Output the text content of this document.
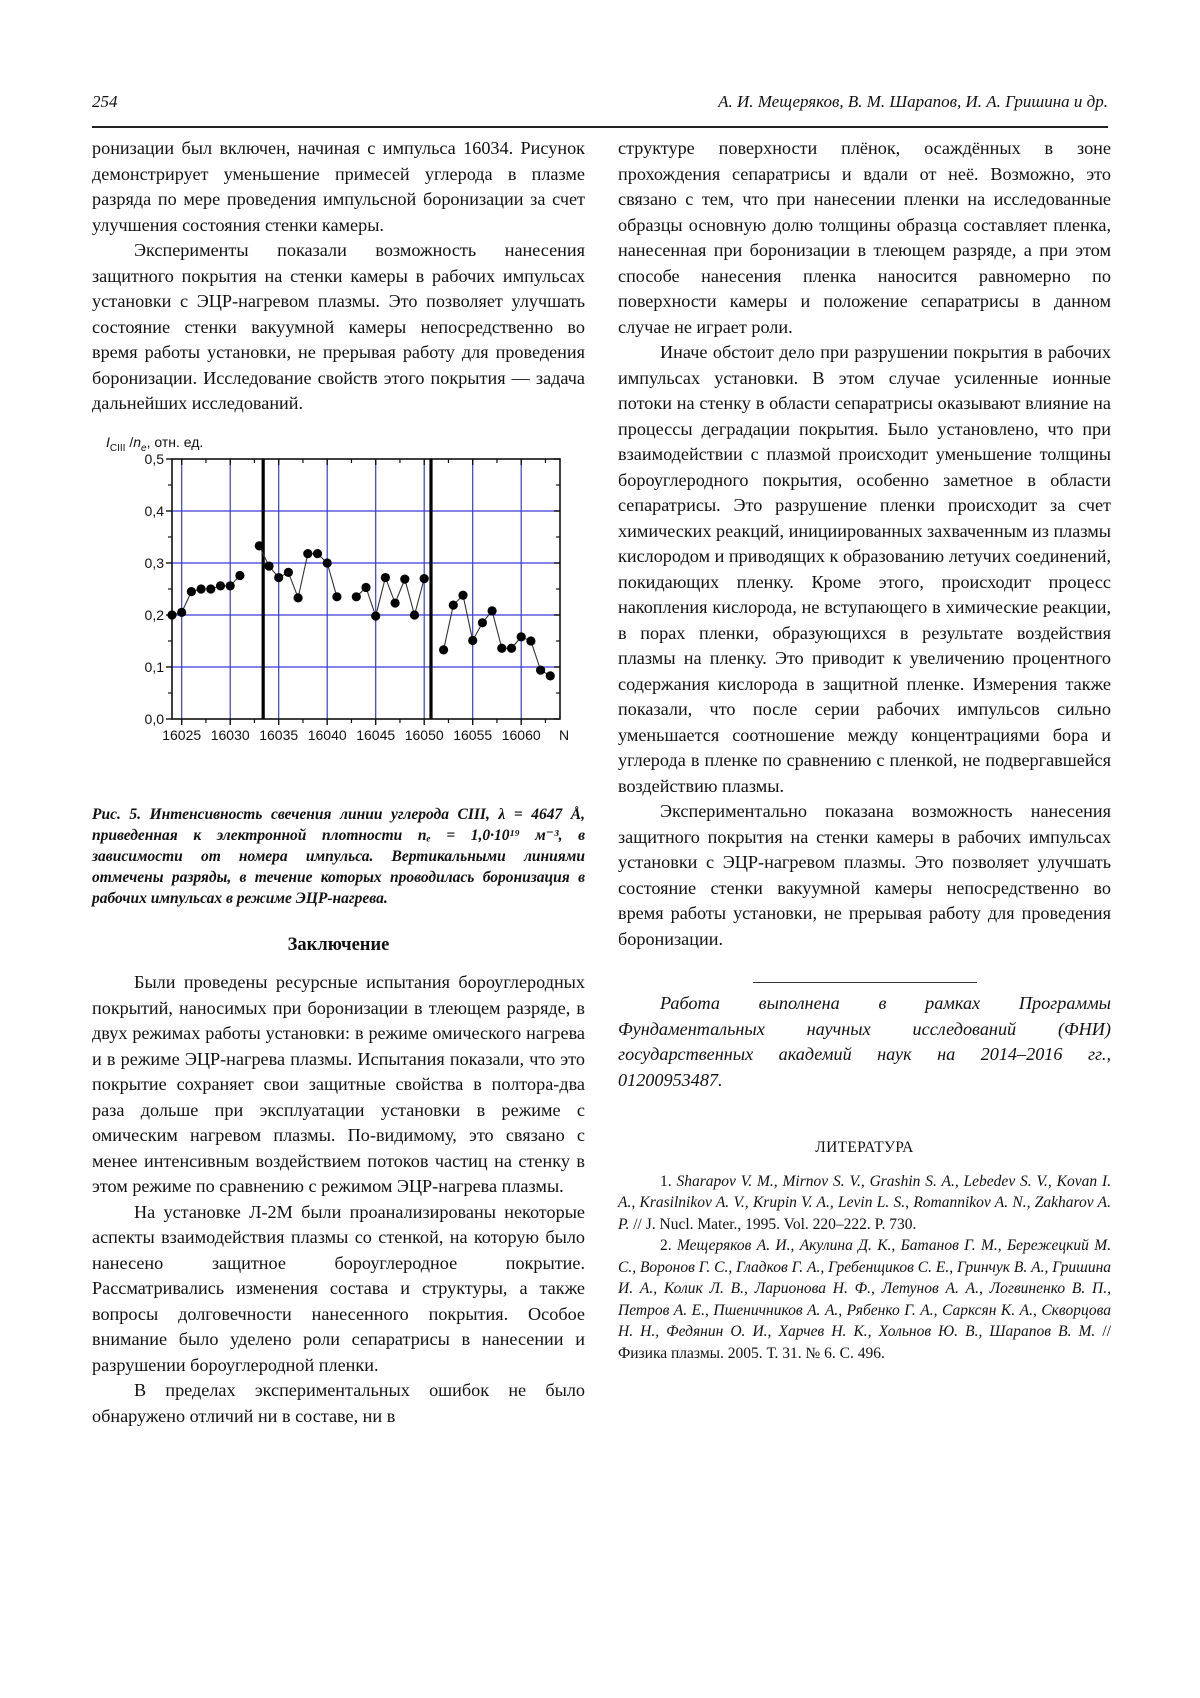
254	А. И. Мещеряков, В. М. Шарапов, И. А. Гришина и др.

ронизации был включен, начиная с импульса 16034. Рисунок демонстрирует уменьшение примесей углерода в плазме разряда по мере проведения импульсной боронизации за счет улучшения состояния стенки камеры.

Эксперименты показали возможность нанесения защитного покрытия на стенки камеры в рабочих импульсах установки с ЭЦР-нагревом плазмы. Это позволяет улучшать состояние стенки вакуумной камеры непосредственно во время работы установки, не прерывая работу для проведения боронизации. Исследование свойств этого покрытия — задача дальнейших исследований.

16025 16030 16035 16040 16045 16050 16055 16060 N
0,0
0,1
0,2
0,3
0,4
0,5
$I_{CIII}$ $/n_e$, отн. ед.

Рис. 5. Интенсивность свечения линии углерода CIII, λ = 4647 Å, приведенная к электронной плотности nₑ = 1,0·10¹⁹ м⁻³, в зависимости от номера импульса. Вертикальными линиями отмечены разряды, в течение которых проводилась боронизация в рабочих импульсах в режиме ЭЦР-нагрева.

Заключение

Были проведены ресурсные испытания бороуглеродных покрытий, наносимых при боронизации в тлеющем разряде, в двух режимах работы установки: в режиме омического нагрева и в режиме ЭЦР-нагрева плазмы. Испытания показали, что это покрытие сохраняет свои защитные свойства в полтора-два раза дольше при эксплуатации установки в режиме с омическим нагревом плазмы. По-видимому, это связано с менее интенсивным воздействием потоков частиц на стенку в этом режиме по сравнению с режимом ЭЦР-нагрева плазмы.

На установке Л-2М были проанализированы некоторые аспекты взаимодействия плазмы со стенкой, на которую было нанесено защитное бороуглеродное покрытие. Рассматривались изменения состава и структуры, а также вопросы долговечности нанесенного покрытия. Особое внимание было уделено роли сепаратрисы в нанесении и разрушении бороуглеродной пленки.

В пределах экспериментальных ошибок не было обнаружено отличий ни в составе, ни в

структуре поверхности плёнок, осаждённых в зоне прохождения сепаратрисы и вдали от неё. Возможно, это связано с тем, что при нанесении пленки на исследованные образцы основную долю толщины образца составляет пленка, нанесенная при боронизации в тлеющем разряде, а при этом способе нанесения пленка наносится равномерно по поверхности камеры и положение сепаратрисы в данном случае не играет роли.

Иначе обстоит дело при разрушении покрытия в рабочих импульсах установки. В этом случае усиленные ионные потоки на стенку в области сепаратрисы оказывают влияние на процессы деградации покрытия. Было установлено, что при взаимодействии с плазмой происходит уменьшение толщины бороуглеродного покрытия, особенно заметное в области сепаратрисы. Это разрушение пленки происходит за счет химических реакций, инициированных захваченным из плазмы кислородом и приводящих к образованию летучих соединений, покидающих пленку. Кроме этого, происходит процесс накопления кислорода, не вступающего в химические реакции, в порах пленки, образующихся в результате воздействия плазмы на пленку. Это приводит к увеличению процентного содержания кислорода в защитной пленке. Измерения также показали, что после серии рабочих импульсов сильно уменьшается соотношение между концентрациями бора и углерода в пленке по сравнению с пленкой, не подвергавшейся воздействию плазмы.

Экспериментально показана возможность нанесения защитного покрытия на стенки камеры в рабочих импульсах установки с ЭЦР-нагревом плазмы. Это позволяет улучшать состояние стенки вакуумной камеры непосредственно во время работы установки, не прерывая работу для проведения боронизации.

Работа выполнена в рамках Программы Фундаментальных научных исследований (ФНИ) государственных академий наук на 2014–2016 гг., 01200953487.

ЛИТЕРАТУРА

1. Sharapov V. M., Mirnov S. V., Grashin S. A., Lebedev S. V., Kovan I. A., Krasilnikov A. V., Krupin V. A., Levin L. S., Romannikov A. N., Zakharov A. P. // J. Nucl. Mater., 1995. Vol. 220–222. P. 730.

2. Мещеряков А. И., Акулина Д. К., Батанов Г. М., Бережецкий М. С., Воронов Г. С., Гладков Г. А., Гребенщиков С. Е., Гринчук В. А., Гришина И. А., Колик Л. В., Ларионова Н. Ф., Летунов А. А., Логвиненко В. П., Петров А. Е., Пшеничников А. А., Рябенко Г. А., Сарксян К. А., Скворцова Н. Н., Федянин О. И., Харчев Н. К., Хольнов Ю. В., Шарапов В. М. // Физика плазмы. 2005. Т. 31. № 6. С. 496.
